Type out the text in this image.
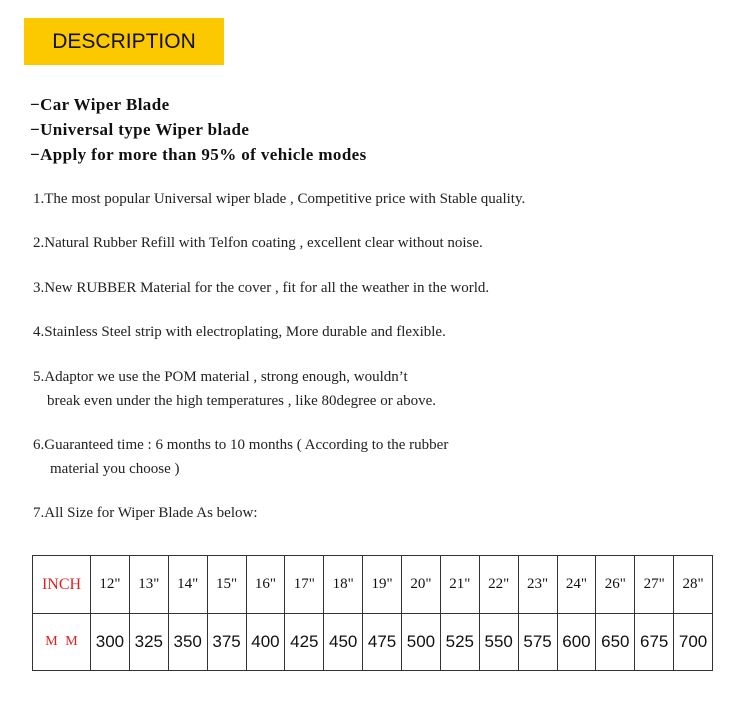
DESCRIPTION
−Car Wiper Blade
−Universal type Wiper blade
−Apply for more than 95% of vehicle modes
1.The most popular Universal wiper blade , Competitive price with Stable quality.
2.Natural Rubber Refill with Telfon coating , excellent clear without noise.
3.New RUBBER Material for the cover , fit for all the weather in the world.
4.Stainless Steel strip with electroplating, More durable and flexible.
5.Adaptor we use the POM material , strong enough, wouldn’t
break even under the high temperatures , like 80degree or above.
6.Guaranteed time : 6 months to 10 months ( According to the rubber
material you choose )
7.All Size for Wiper Blade As below:
INCH	12"	13"	14"	15"	16"	17"	18"	19"	20"	21"	22"	23"	24"	26"	27"	28"
M M	300	325	350	375	400	425	450	475	500	525	550	575	600	650	675	700
